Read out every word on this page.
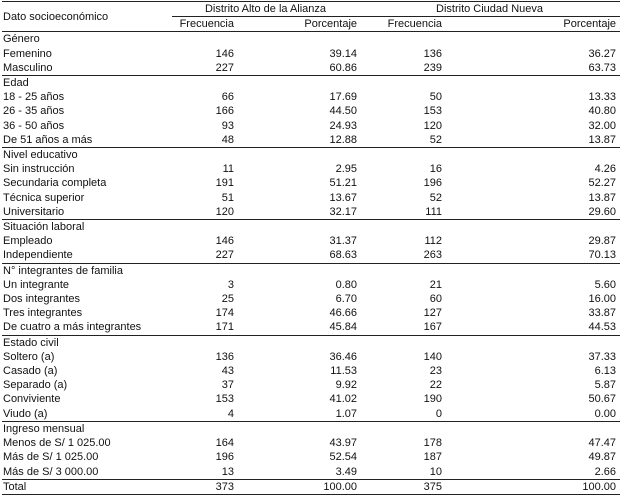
Dato socioeconómico	Distrito Alto de la Alianza		Distrito Ciudad Nueva	
	Frecuencia	Porcentaje	Frecuencia	Porcentaje
Género				
Femenino	146	39.14	136	36.27
Masculino	227	60.86	239	63.73
Edad				
18 - 25 años	66	17.69	50	13.33
26 - 35 años	166	44.50	153	40.80
36 - 50 años	93	24.93	120	32.00
De 51 años a más	48	12.88	52	13.87
Nivel educativo				
Sin instrucción	11	2.95	16	4.26
Secundaria completa	191	51.21	196	52.27
Técnica superior	51	13.67	52	13.87
Universitario	120	32.17	111	29.60
Situación laboral				
Empleado	146	31.37	112	29.87
Independiente	227	68.63	263	70.13
N° integrantes de familia				
Un integrante	3	0.80	21	5.60
Dos integrantes	25	6.70	60	16.00
Tres integrantes	174	46.66	127	33.87
De cuatro a más integrantes	171	45.84	167	44.53
Estado civil				
Soltero (a)	136	36.46	140	37.33
Casado (a)	43	11.53	23	6.13
Separado (a)	37	9.92	22	5.87
Conviviente	153	41.02	190	50.67
Viudo (a)	4	1.07	0	0.00
Ingreso mensual				
Menos de S/ 1 025.00	164	43.97	178	47.47
Más de S/ 1 025.00	196	52.54	187	49.87
Más de S/ 3 000.00	13	3.49	10	2.66
Total	373	100.00	375	100.00
